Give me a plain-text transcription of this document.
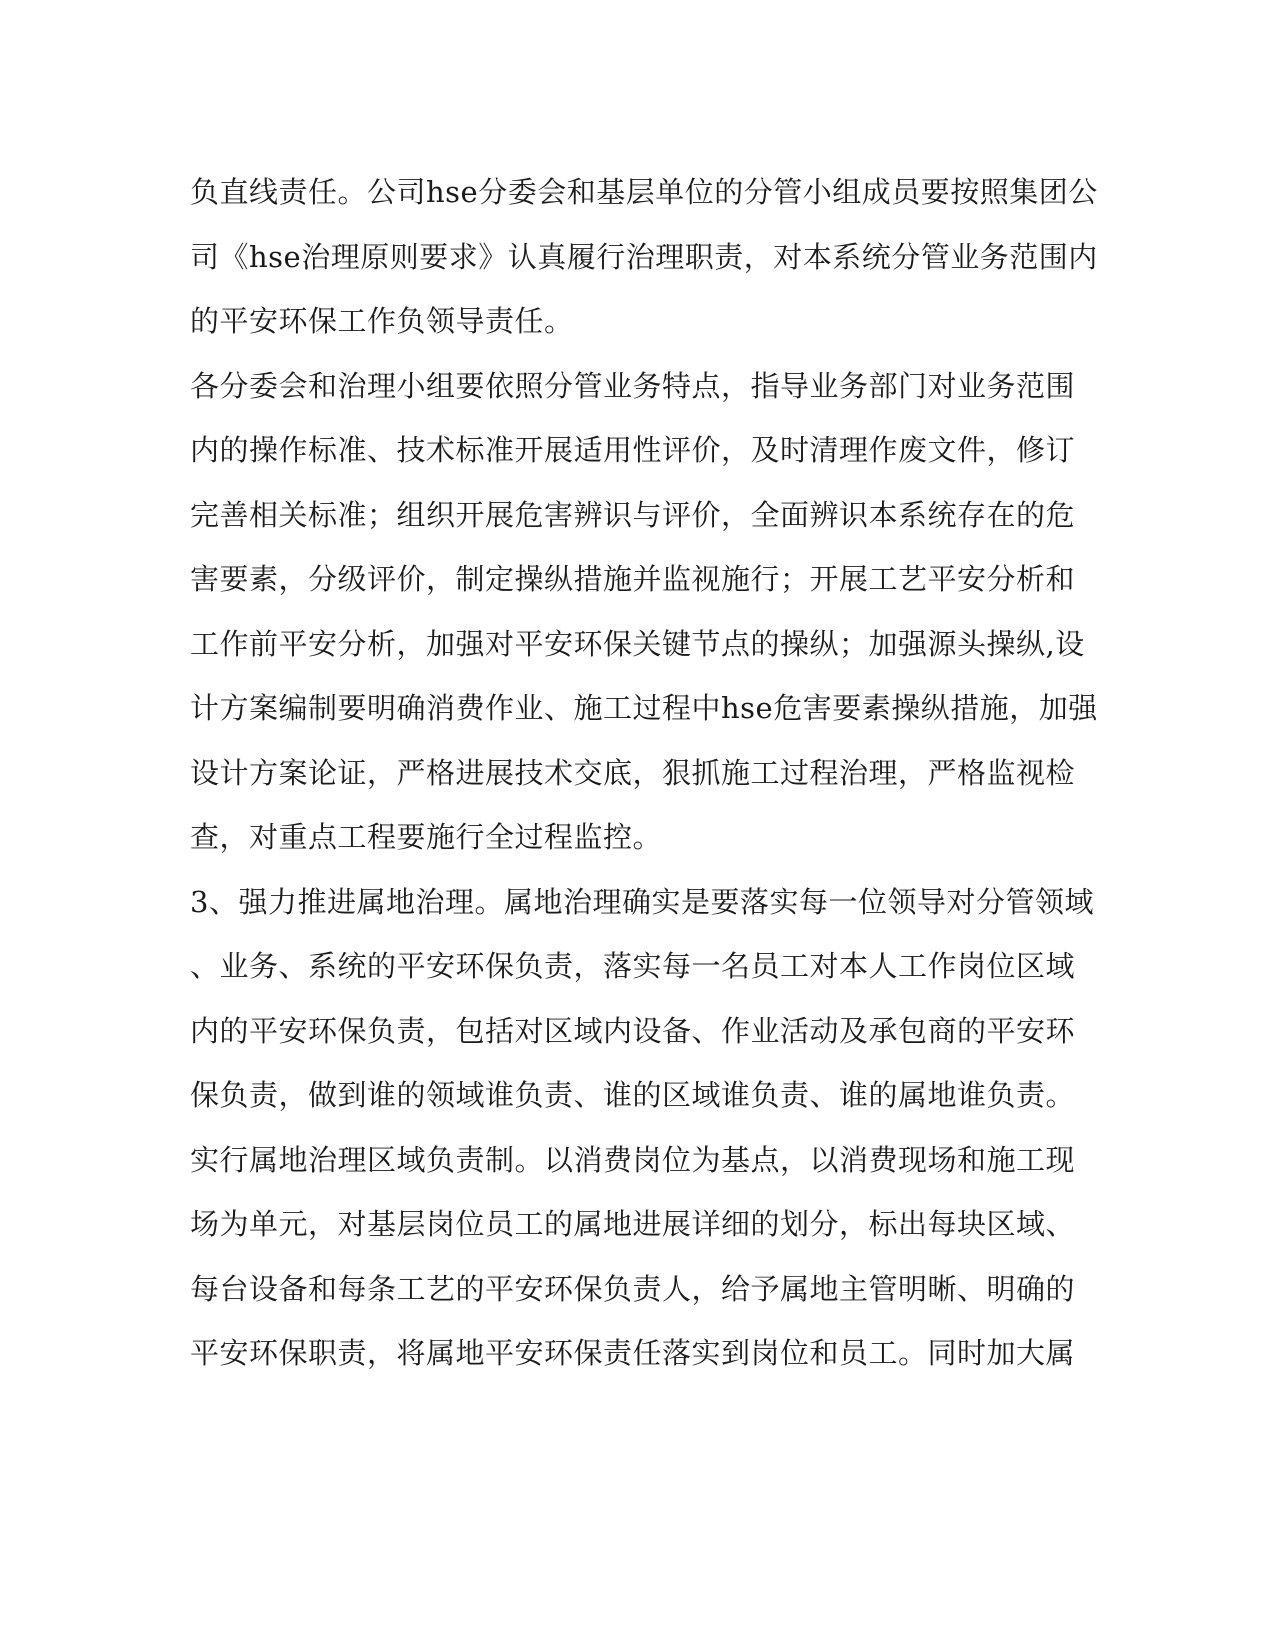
负直线责任。公司hse分委会和基层单位的分管小组成员要按照集团公
司《hse治理原则要求》认真履行治理职责，对本系统分管业务范围内
的平安环保工作负领导责任。
各分委会和治理小组要依照分管业务特点，指导业务部门对业务范围
内的操作标准、技术标准开展适用性评价，及时清理作废文件，修订
完善相关标准；组织开展危害辨识与评价，全面辨识本系统存在的危
害要素，分级评价，制定操纵措施并监视施行；开展工艺平安分析和
工作前平安分析，加强对平安环保关键节点的操纵；加强源头操纵,设
计方案编制要明确消费作业、施工过程中hse危害要素操纵措施，加强
设计方案论证，严格进展技术交底，狠抓施工过程治理，严格监视检
查，对重点工程要施行全过程监控。
3、强力推进属地治理。属地治理确实是要落实每一位领导对分管领域
、业务、系统的平安环保负责，落实每一名员工对本人工作岗位区域
内的平安环保负责，包括对区域内设备、作业活动及承包商的平安环
保负责，做到谁的领域谁负责、谁的区域谁负责、谁的属地谁负责。
实行属地治理区域负责制。以消费岗位为基点，以消费现场和施工现
场为单元，对基层岗位员工的属地进展详细的划分，标出每块区域、
每台设备和每条工艺的平安环保负责人，给予属地主管明晰、明确的
平安环保职责，将属地平安环保责任落实到岗位和员工。同时加大属
